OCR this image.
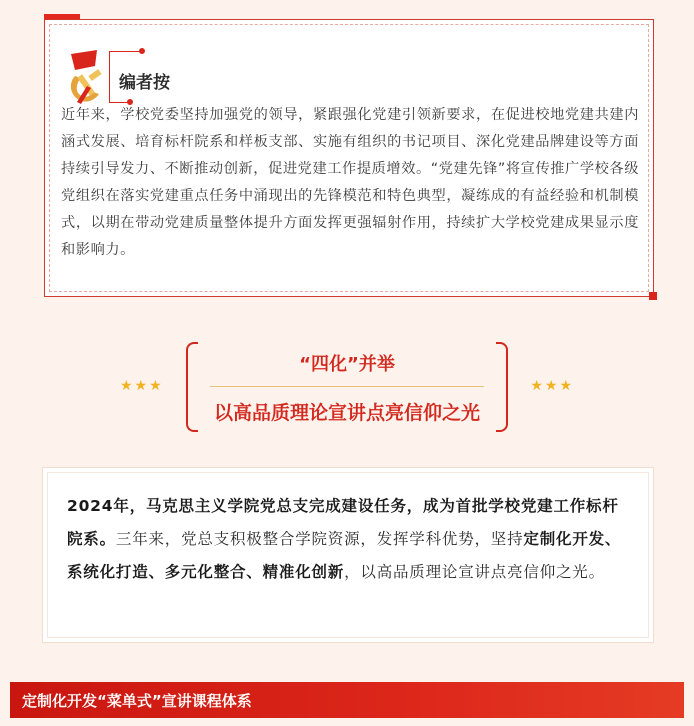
编者按

近年来，学校党委坚持加强党的领导，紧跟强化党建引领新要求，在促进校地党建共建内涵式发展、培育标杆院系和样板支部、实施有组织的书记项目、深化党建品牌建设等方面持续引导发力、不断推动创新，促进党建工作提质增效。“党建先锋”将宣传推广学校各级党组织在落实党建重点任务中涌现出的先锋模范和特色典型，凝练成的有益经验和机制模式，以期在带动党建质量整体提升方面发挥更强辐射作用，持续扩大学校党建成果显示度和影响力。

★★★
“四化”并举
以高品质理论宣讲点亮信仰之光
★★★

2024年，马克思主义学院党总支完成建设任务，成为首批学校党建工作标杆院系。三年来，党总支积极整合学院资源，发挥学科优势，坚持定制化开发、系统化打造、多元化整合、精准化创新，以高品质理论宣讲点亮信仰之光。

定制化开发“菜单式”宣讲课程体系
